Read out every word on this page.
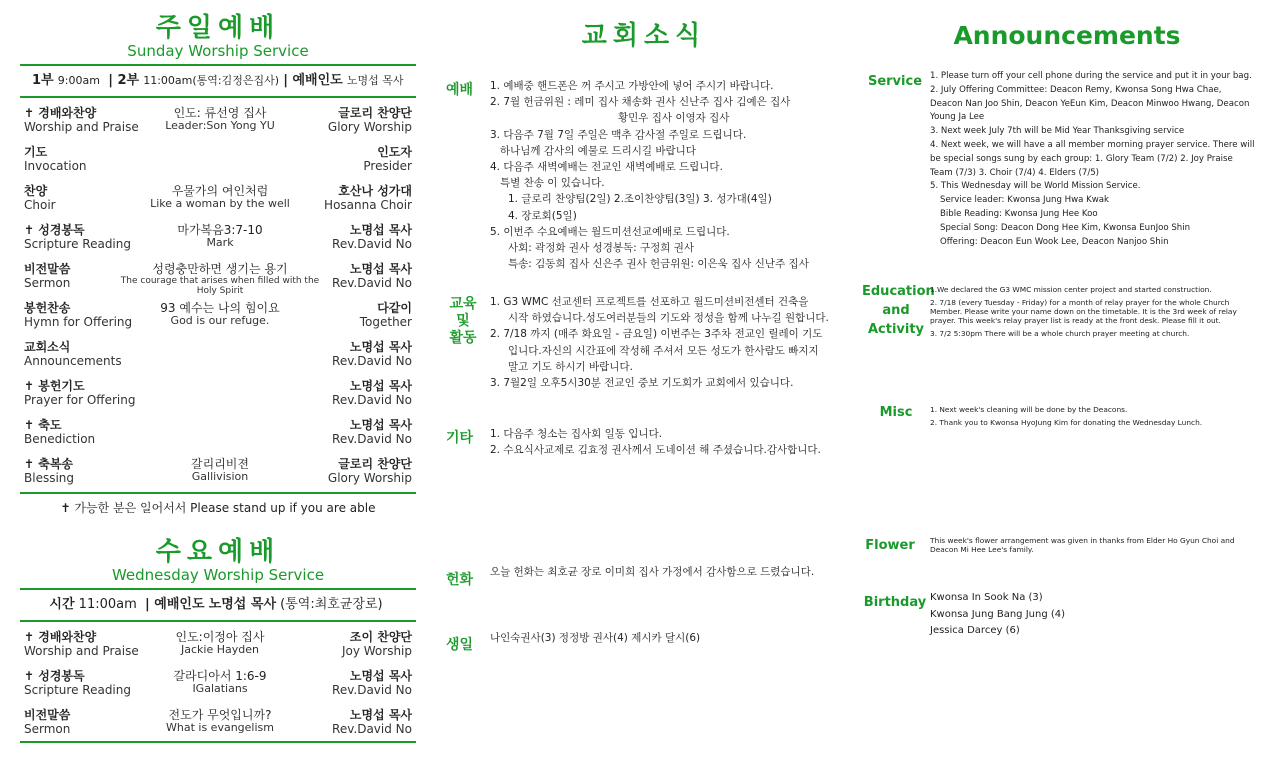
주일예배
Sunday Worship Service
1부 9:00am | 2부 11:00am(통역:김정은집사) | 예배인도 노명섭 목사
✝ 경배와찬양
Worship and Praise
인도: 류선영 집사
Leader:Son Yong YU
글로리 찬양단
Glory Worship
기도
Invocation
인도자
Presider
찬양
Choir
우물가의 여인처럼
Like a woman by the well
호산나 성가대
Hosanna Choir
✝ 성경봉독
Scripture Reading
마가복음3:7-10
Mark
노명섭 목사
Rev.David No
비전말씀
Sermon
성령충만하면 생기는 용기
The courage that arises when filled with the Holy Spirit
노명섭 목사
Rev.David No
봉헌찬송
Hymn for Offering
93 예수는 나의 힘이요
God is our refuge.
다같이
Together
교회소식
Announcements
노명섭 목사
Rev.David No
✝ 봉헌기도
Prayer for Offering
노명섭 목사
Rev.David No
✝ 축도
Benediction
노명섭 목사
Rev.David No
✝ 축복송
Blessing
갈리리비젼
Gallivision
글로리 찬양단
Glory Worship
✝ 가능한 분은 일어서서 Please stand up if you are able
수요예배
Wednesday Worship Service
시간 11:00am | 예배인도 노명섭 목사 (통역:최호균장로)
✝ 경배와찬양
Worship and Praise
인도:이정아 집사
Jackie Hayden
조이 찬양단
Joy Worship
✝ 성경봉독
Scripture Reading
갈라디아서 1:6-9
IGalatians
노명섭 목사
Rev.David No
비전말씀
Sermon
전도가 무엇입니까?
What is evangelism
노명섭 목사
Rev.David No
교회소식
예배 1. 예배중 핸드폰은 꺼 주시고 가방안에 넣어 주시기 바랍니다.
2. 7월 헌금위원 : 레미 집사 채송화 권사 신난주 집사 김예은 집사
황민우 집사 이영자 집사
3. 다음주 7월 7일 주일은 맥추 감사절 주일로 드립니다.
하나님께 감사의 예물로 드리시길 바랍니다
4. 다음주 새벽예배는 전교인 새벽예배로 드립니다.
특별 찬송 이 있습니다.
1. 글로리 찬양팀(2일) 2.조이찬양팀(3일) 3. 성가대(4일)
4. 장로회(5일)
5. 이번주 수요예배는 월드미션선교예배로 드립니다.
사회: 곽정화 권사 성경봉독: 구정희 권사
특송: 김동희 집사 신은주 권사 헌금위원: 이은욱 집사 신난주 집사
교육
및
활동
1. G3 WMC 선교센터 프로젝트를 선포하고 월드미션비전센터 건축을
시작 하였습니다.성도여러분들의 기도와 정성을 함께 나누길 원합니다.
2. 7/18 까지 (매주 화요일 - 금요일) 이번주는 3주차 전교인 릴레이 기도
입니다.자신의 시간표에 작성해 주셔서 모든 성도가 한사람도 빠지지
말고 기도 하시기 바랍니다.
3. 7월2일 오후5시30분 전교인 중보 기도회가 교회에서 있습니다.
기타 1. 다음주 청소는 집사회 일동 입니다.
2. 수요식사교제로 김효정 권사께서 도네이션 해 주셨습니다.감사합니다.
헌화 오늘 헌화는 최호균 장로 이미희 집사 가정에서 감사함으로 드렸습니다.
생일 나인숙권사(3) 정정방 권사(4) 제시카 달시(6)
Announcements
Service 1. Please turn off your cell phone during the service and put it in your bag.
2. July Offering Committee: Deacon Remy, Kwonsa Song Hwa Chae,
Deacon Nan Joo Shin, Deacon YeEun Kim, Deacon Minwoo Hwang, Deacon
Young Ja Lee
3. Next week July 7th will be Mid Year Thanksgiving service
4. Next week, we will have a all member morning prayer service. There will
be special songs sung by each group: 1. Glory Team (7/2) 2. Joy Praise
Team (7/3) 3. Choir (7/4) 4. Elders (7/5)
5. This Wednesday will be World Mission Service.
Service leader: Kwonsa Jung Hwa Kwak
Bible Reading: Kwonsa Jung Hee Koo
Special Song: Deacon Dong Hee Kim, Kwonsa EunJoo Shin
Offering: Deacon Eun Wook Lee, Deacon Nanjoo Shin
Education
and
Activity
1.We declared the G3 WMC mission center project and started construction.
2. 7/18 (every Tuesday - Friday) for a month of relay prayer for the whole Church
Member. Please write your name down on the timetable. It is the 3rd week of relay
prayer. This week's relay prayer list is ready at the front desk. Please fill it out.
3. 7/2 5:30pm There will be a whole church prayer meeting at church.
Misc	1. Next week's cleaning will be done by the Deacons.
2. Thank you to Kwonsa HyoJung Kim for donating the Wednesday Lunch.
Flower	This week's flower arrangement was given in thanks from Elder Ho Gyun Choi and
Deacon Mi Hee Lee's family.
Birthday Kwonsa In Sook Na (3)
Kwonsa Jung Bang Jung (4)
Jessica Darcey (6)
